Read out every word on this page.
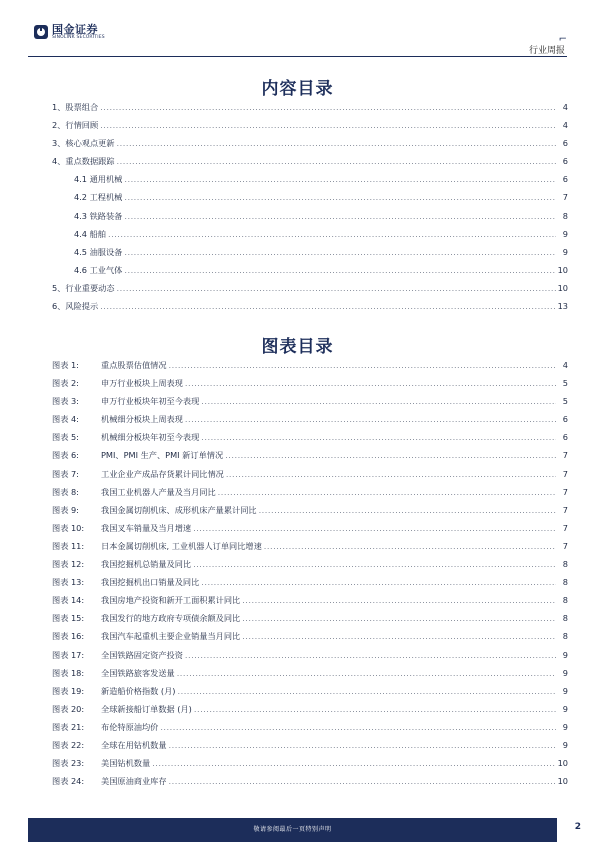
国金证券
SINOLINK SECURITIES	⌐
行业周报
内容目录
1、股票组合 .....	4
2、行情回顾 .....	4
3、核心观点更新 .....	6
4、重点数据跟踪 .....	6
4.1 通用机械 .....	6
4.2 工程机械 .....	7
4.3 铁路装备 .....	8
4.4 船舶 .....	9
4.5 油服设备 .....	9
4.6 工业气体 .....	10
5、行业重要动态 .....	10
6、风险提示 .....	13
图表目录
图表 1:	重点股票估值情况 .....	4
图表 2:	申万行业板块上周表现 .....	5
图表 3:	申万行业板块年初至今表现 .....	5
图表 4:	机械细分板块上周表现 .....	6
图表 5:	机械细分板块年初至今表现 .....	6
图表 6:	PMI、PMI 生产、PMI 新订单情况 .....	7
图表 7:	工业企业产成品存货累计同比情况 .....	7
图表 8:	我国工业机器人产量及当月同比 .....	7
图表 9:	我国金属切削机床、成形机床产量累计同比 .....	7
图表 10:	我国叉车销量及当月增速 .....	7
图表 11:	日本金属切削机床, 工业机器人订单同比增速 .....	7
图表 12:	我国挖掘机总销量及同比 .....	8
图表 13:	我国挖掘机出口销量及同比 .....	8
图表 14:	我国房地产投资和新开工面积累计同比 .....	8
图表 15:	我国发行的地方政府专项债余额及同比 .....	8
图表 16:	我国汽车起重机主要企业销量当月同比 .....	8
图表 17:	全国铁路固定资产投资 .....	9
图表 18:	全国铁路旅客发送量 .....	9
图表 19:	新造船价格指数 (月) .....	9
图表 20:	全球新接船订单数据 (月) .....	9
图表 21:	布伦特原油均价 .....	9
图表 22:	全球在用钻机数量 .....	9
图表 23:	美国钻机数量 .....	10
图表 24:	美国原油商业库存 .....	10
敬请参阅最后一页特别声明	2
